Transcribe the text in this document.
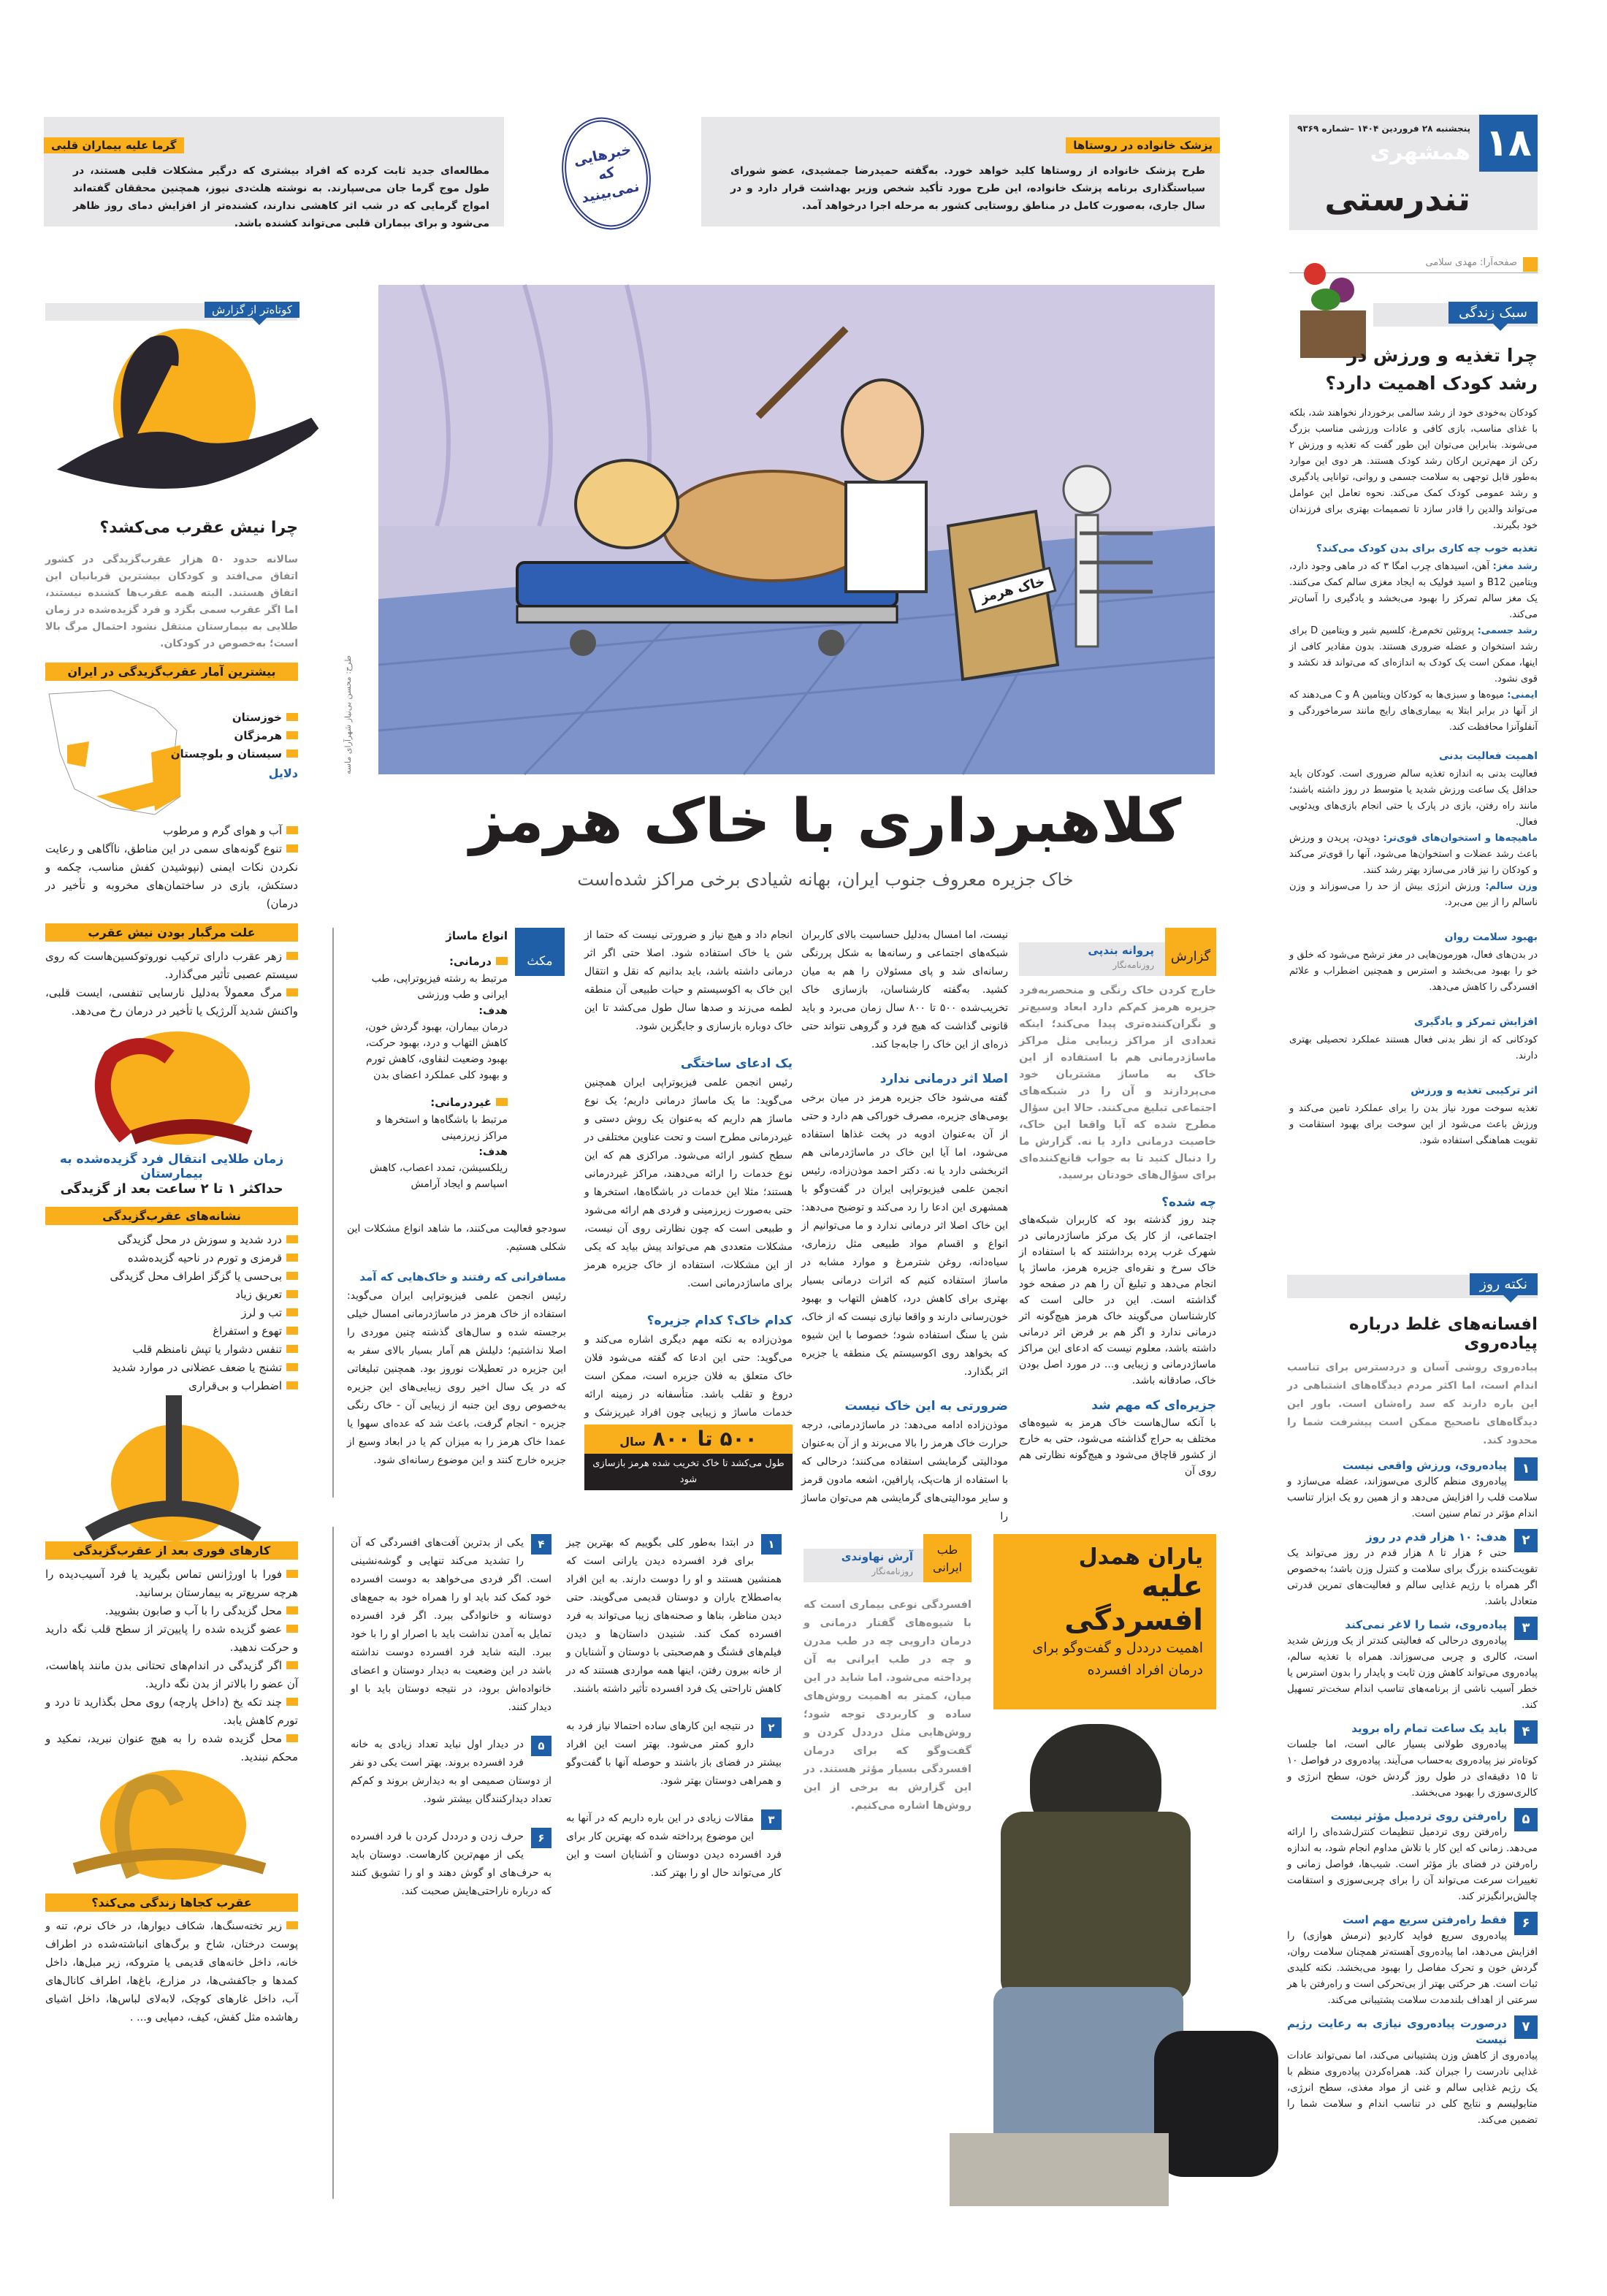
گرما علیه بیماران قلبی
مطالعه‌ای جدید ثابت کرده که افراد بیشتری که درگیر مشکلات قلبی هستند، در طول موج گرما جان می‌سپارند. به نوشته هلث‌دی نیوز، همچنین محققان گفته‌اند امواج گرمایی که در شب اثر کاهشی ندارند، کشنده‌تر از افزایش دمای روز ظاهر می‌شود و برای بیماران قلبی می‌تواند کشنده باشد.
خبرهایی که نمی‌بینید
پزشک خانواده در روستاها
طرح پزشک خانواده از روستاها کلید خواهد خورد. به‌گفته حمیدرضا جمشیدی، عضو شورای سیاستگذاری برنامه پزشک خانواده، این طرح مورد تأکید شخص وزیر بهداشت قرار دارد و در سال جاری، به‌صورت کامل در مناطق روستایی کشور به مرحله اجرا درخواهد آمد.
۱۸
پنجشنبه ۲۸ فروردین ۱۴۰۴ –شماره ۹۳۶۹
همشهری
تندرستی
صفحه‌آرا: مهدی سلامی
سبک زندگی
چرا تغذیه و ورزش در رشد کودک اهمیت دارد؟

کودکان به‌خودی خود از رشد سالمی برخوردار نخواهند شد، بلکه با غذای مناسب، بازی کافی و عادات ورزشی مناسب بزرگ می‌شوند. بنابراین می‌توان این طور گفت که تغذیه و ورزش ۲ رکن از مهم‌ترین ارکان رشد کودک هستند. هر دوی این موارد به‌طور قابل توجهی به سلامت جسمی و روانی، توانایی یادگیری و رشد عمومی کودک کمک می‌کند. نحوه تعامل این عوامل می‌تواند والدین را قادر سازد تا تصمیمات بهتری برای فرزندان خود بگیرند.

تغذیه خوب چه کاری برای بدن کودک می‌کند؟

رشد مغز: آهن، اسیدهای چرب امگا ۳ که در ماهی وجود دارد، ویتامین B12 و اسید فولیک به ایجاد مغزی سالم کمک می‌کنند. یک مغز سالم تمرکز را بهبود می‌بخشد و یادگیری را آسان‌تر می‌کند.

رشد جسمی: پروتئین تخم‌مرغ، کلسیم شیر و ویتامین D برای رشد استخوان و عضله ضروری هستند. بدون مقادیر کافی از اینها، ممکن است یک کودک به اندازه‌ای که می‌تواند قد نکشد و قوی نشود.

ایمنی: میوه‌ها و سبزی‌ها به کودکان ویتامین A و C می‌دهند که از آنها در برابر ابتلا به بیماری‌های رایج مانند سرماخوردگی و آنفلوآنزا محافظت کند.

اهمیت فعالیت بدنی

فعالیت بدنی به اندازه تغذیه سالم ضروری است. کودکان باید حداقل یک ساعت ورزش شدید یا متوسط در روز داشته باشند؛ مانند راه رفتن، بازی در پارک یا حتی انجام بازی‌های ویدئویی فعال.

ماهیچه‌ها و استخوان‌های قوی‌تر: دویدن، پریدن و ورزش باعث رشد عضلات و استخوان‌ها می‌شود، آنها را قوی‌تر می‌کند و کودکان را نیز قادر می‌سازد بهتر رشد کنند.

وزن سالم: ورزش انرژی بیش از حد را می‌سوزاند و وزن ناسالم را از بین می‌برد.

بهبود سلامت روان

در بدن‌های فعال، هورمون‌هایی در مغز ترشح می‌شود که خلق و خو را بهبود می‌بخشد و استرس و همچنین اضطراب و علائم افسردگی را کاهش می‌دهد.

افزایش تمرکز و یادگیری

کودکانی که از نظر بدنی فعال هستند عملکرد تحصیلی بهتری دارند.

اثر ترکیبی تغذیه و ورزش

تغذیه سوخت مورد نیاز بدن را برای عملکرد تامین می‌کند و ورزش باعث می‌شود از این سوخت برای بهبود استقامت و تقویت هماهنگی استفاده شود.

نکته روز
افسانه‌های غلط درباره پیاده‌روی

پیاده‌روی روشی آسان و دردسترس برای تناسب اندام است، اما اکثر مردم دیدگاه‌های اشتباهی در این باره دارند که سد راه‌شان است. باور این دیدگاه‌های ناصحیح ممکن است پیشرفت شما را محدود کند.

۱
پیاده‌روی، ورزش واقعی نیست
پیاده‌روی منظم کالری می‌سوزاند، عضله می‌سازد و سلامت قلب را افزایش می‌دهد و از همین رو یک ابزار تناسب اندام مؤثر در تمام سنین است.
۲
هدف: ۱۰ هزار قدم در روز
حتی ۶ هزار تا ۸ هزار قدم در روز می‌تواند یک تقویت‌کننده بزرگ برای سلامت و کنترل وزن باشد؛ به‌خصوص اگر همراه با رژیم غذایی سالم و فعالیت‌های تمرین قدرتی متعادل باشد.
۳
پیاده‌روی، شما را لاغر نمی‌کند
پیاده‌روی درحالی که فعالیتی کندتر از یک ورزش شدید است، کالری و چربی می‌سوزاند. همراه با تغذیه سالم، پیاده‌روی می‌تواند کاهش وزن ثابت و پایدار را بدون استرس یا خطر آسیب ناشی از برنامه‌های تناسب اندام سخت‌تر تسهیل کند.
۴
باید یک ساعت تمام راه بروید
پیاده‌روی طولانی بسیار عالی است، اما جلسات کوتاه‌تر نیز پیاده‌روی به‌حساب می‌آیند. پیاده‌روی در فواصل ۱۰ تا ۱۵ دقیقه‌ای در طول روز گردش خون، سطح انرژی و کالری‌سوزی را بهبود می‌بخشد.
۵
راه‌رفتن روی تردمیل مؤثر نیست
راه‌رفتن روی تردمیل تنظیمات کنترل‌شده‌ای را ارائه می‌دهد. زمانی که این کار با تلاش مداوم انجام شود، به اندازه راه‌رفتن در فضای باز مؤثر است. شیب‌ها، فواصل زمانی و تغییرات سرعت می‌تواند آن را برای چربی‌سوزی و استقامت چالش‌برانگیزتر کند.
۶
فقط راه‌رفتن سریع مهم است
پیاده‌روی سریع فواید کاردیو (نرمش هوازی) را افزایش می‌دهد، اما پیاده‌روی آهسته‌تر همچنان سلامت روان، گردش خون و تحرک مفاصل را بهبود می‌بخشد. نکته کلیدی ثبات است. هر حرکتی بهتر از بی‌تحرکی است و راه‌رفتن با هر سرعتی از اهداف بلندمدت سلامت پشتیبانی می‌کند.
۷
درصورت پیاده‌روی نیازی به رعایت رژیم نیست
پیاده‌روی از کاهش وزن پشتیبانی می‌کند، اما نمی‌تواند عادات غذایی نادرست را جبران کند. همراه‌کردن پیاده‌روی منظم با یک رژیم غذایی سالم و غنی از مواد مغذی، سطح انرژی، متابولیسم و نتایج کلی در تناسب اندام و سلامت شما را تضمین می‌کند.
خاک هرمز
طرح: محسن بی‌نیاز شهرآرای ماسه
کلاهبرداری با خاک هرمز
خاک جزیره معروف جنوب ایران، بهانه شیادی برخی مراکز شده‌است
گزارش
پروانه بندپی
روزنامه‌نگار

خارج کردن خاک رنگی و منحصربه‌فرد جزیره هرمز کم‌کم دارد ابعاد وسیع‌تر و نگران‌کننده‌تری پیدا می‌کند؛ اینکه تعدادی از مراکز زیبایی مثل مراکز ماساژدرمانی هم با استفاده از این خاک به ماساژ مشتریان خود می‌پردازند و آن را در شبکه‌های اجتماعی تبلیغ می‌کنند. حالا این سؤال مطرح شده که آیا واقعا این خاک، خاصیت درمانی دارد یا نه. گزارش ما را دنبال کنید تا به جواب قانع‌کننده‌ای برای سؤال‌های خودتان برسید.

چه شده؟

چند روز گذشته بود که کاربران شبکه‌های اجتماعی، از کار یک مرکز ماساژدرمانی در شهرک غرب پرده برداشتند که با استفاده از خاک سرخ و نقره‌ای جزیره هرمز، ماساژ پا انجام می‌دهد و تبلیغ آن را هم در صفحه خود گذاشته است. این در حالی است که کارشناسان می‌گویند خاک هرمز هیچ‌گونه اثر درمانی ندارد و اگر هم بر فرض اثر درمانی داشته باشد، معلوم نیست که ادعای این مراکز ماساژدرمانی و زیبایی و... در مورد اصل بودن خاک، صادقانه باشد.

جزیره‌ای که مهم شد

با آنکه سال‌هاست خاک هرمز به شیوه‌های مختلف به حراج گذاشته می‌شود، حتی به خارج از کشور قاچاق می‌شود و هیچ‌گونه نظارتی هم روی آن

نیست، اما امسال به‌دلیل حساسیت بالای کاربران شبکه‌های اجتماعی و رسانه‌ها به شکل پررنگی رسانه‌ای شد و پای مسئولان را هم به میان کشید. به‌گفته کارشناسان، بازسازی خاک تخریب‌شده ۵۰۰ تا ۸۰۰ سال زمان می‌برد و باید قانونی گذاشت که هیچ فرد و گروهی نتواند حتی ذره‌ای از این خاک را جابه‌جا کند.

اصلا اثر درمانی ندارد

گفته می‌شود خاک جزیره هرمز در میان برخی بومی‌های جزیره، مصرف خوراکی هم دارد و حتی از آن به‌عنوان ادویه در پخت غذاها استفاده می‌شود، اما آیا این خاک در ماساژدرمانی هم اثربخشی دارد یا نه. دکتر احمد موذن‌زاده، رئیس انجمن علمی فیزیوتراپی ایران در گفت‌وگو با همشهری این ادعا را رد می‌کند و توضیح می‌دهد: این خاک اصلا اثر درمانی ندارد و ما می‌توانیم از انواع و اقسام مواد طبیعی مثل رزماری، سیاه‌دانه، روغن شترمرغ و موارد مشابه در ماساژ استفاده کنیم که اثرات درمانی بسیار بهتری برای کاهش درد، کاهش التهاب و بهبود خون‌رسانی دارند و واقعا نیازی نیست که از خاک، شن یا سنگ استفاده شود؛ خصوصا با این شیوه که بخواهد روی اکوسیستم یک منطقه یا جزیره اثر بگذارد.

ضرورتی به این خاک نیست

موذن‌زاده ادامه می‌دهد: در ماساژدرمانی، درجه حرارت خاک هرمز را بالا می‌برند و از آن به‌عنوان مودالیتی گرمایشی استفاده می‌کنند؛ درحالی که با استفاده از هات‌پک، پارافین، اشعه مادون قرمز و سایر مودالیتی‌های گرمایشی هم می‌توان ماساژ را

انجام داد و هیچ نیاز و ضرورتی نیست که حتما از شن یا خاک استفاده شود. اصلا حتی اگر اثر درمانی داشته باشد، باید بدانیم که نقل و انتقال این خاک به اکوسیستم و حیات طبیعی آن منطقه لطمه می‌زند و صدها سال طول می‌کشد تا این خاک دوباره بازسازی و جایگزین شود.

یک ادعای ساختگی

رئیس انجمن علمی فیزیوتراپی ایران همچنین می‌گوید: ما یک ماساژ درمانی داریم؛ یک نوع ماساژ هم داریم که به‌عنوان یک روش دستی و غیردرمانی مطرح است و تحت عناوین مختلفی در سطح کشور ارائه می‌شود. مراکزی هم که این نوع خدمات را ارائه می‌دهند، مراکز غیردرمانی هستند؛ مثلا این خدمات در باشگاه‌ها، استخرها و حتی به‌صورت زیرزمینی و فردی هم ارائه می‌شود و طبیعی است که چون نظارتی روی آن نیست، مشکلات متعددی هم می‌تواند پیش بیاید که یکی از این مشکلات، استفاده از خاک جزیره هرمز برای ماساژدرمانی است.

کدام خاک؟ کدام جزیره؟

موذن‌زاده به نکته مهم دیگری اشاره می‌کند و می‌گوید: حتی این ادعا که گفته می‌شود فلان خاک متعلق به فلان جزیره است، ممکن است دروغ و تقلب باشد. متأسفانه در زمینه ارائه خدمات ماساژ و زیبایی چون افراد غیرپزشک و

۵۰۰ تا ۸۰۰ سال
طول می‌کشد تا خاک تخریب شده هرمز بازسازی شود
مکث

انواع ماساژ

درمانی:

مرتبط به رشته فیزیوتراپی، طب ایرانی و طب ورزشی

هدف:

درمان بیماران، بهبود گردش خون، کاهش التهاب و درد، بهبود حرکت، بهبود وضعیت لنفاوی، کاهش تورم و بهبود کلی عملکرد اعضای بدن

غیردرمانی:

مرتبط با باشگاه‌ها و استخرها و مراکز زیرزمینی

هدف:

ریلکسیشن، تمدد اعصاب، کاهش اسپاسم و ایجاد آرامش

سودجو فعالیت می‌کنند، ما شاهد انواع مشکلات این شکلی هستیم.

مسافرانی که رفتند و خاک‌هایی که آمد

رئیس انجمن علمی فیزیوتراپی ایران می‌گوید: استفاده از خاک هرمز در ماساژدرمانی امسال خیلی برجسته شده و سال‌های گذشته چنین موردی را اصلا نداشتیم؛ دلیلش هم آمار بسیار بالای سفر به این جزیره در تعطیلات نوروز بود. همچنین تبلیغاتی که در یک سال اخیر روی زیبایی‌های این جزیره به‌خصوص روی این جنبه از زیبایی آن - خاک رنگی جزیره - انجام گرفت، باعث شد که عده‌ای سهوا یا عمدا خاک هرمز را به میزان کم یا در ابعاد وسیع از جزیره خارج کنند و این موضوع رسانه‌ای شود.

کوتاه‌تر از گزارش
چرا نیش عقرب می‌کشد؟

سالانه حدود ۵۰ هزار عقرب‌گزیدگی در کشور اتفاق می‌افتد و کودکان بیشترین قربانیان این اتفاق هستند. البته همه عقرب‌ها کشنده نیستند، اما اگر عقرب سمی بگزد و فرد گزیده‌شده در زمان طلایی به بیمارستان منتقل نشود احتمال مرگ بالا است؛ به‌خصوص در کودکان.

بیشترین آمار عقرب‌گزیدگی در ایران

خوزستان

هرمزگان

سیستان و بلوچستان

دلایل

آب و هوای گرم و مرطوب

تنوع گونه‌های سمی در این مناطق، ناآگاهی و رعایت نکردن نکات ایمنی (نپوشیدن کفش مناسب، چکمه و دستکش، بازی در ساختمان‌های مخروبه و تأخیر در درمان)

علت مرگبار بودن نیش عقرب

زهر عقرب دارای ترکیب نوروتوکسین‌هاست که روی سیستم عصبی تأثیر می‌گذارد.

مرگ معمولاً به‌دلیل نارسایی تنفسی، ایست قلبی، واکنش شدید آلرژیک یا تأخیر در درمان رخ می‌دهد.

زمان طلایی انتقال فرد گزیده‌شده به بیمارستان

حداکثر ۱ تا ۲ ساعت بعد از گزیدگی

نشانه‌های عقرب‌گزیدگی

درد شدید و سوزش در محل گزیدگی

قرمزی و تورم در ناحیه گزیده‌شده

بی‌حسی یا گزگز اطراف محل گزیدگی

تعریق زیاد

تب و لرز

تهوع و استفراغ

تنفس دشوار یا تپش نامنظم قلب

تشنج یا ضعف عضلانی در موارد شدید

اضطراب و بی‌قراری

کارهای فوری بعد از عقرب‌گزیدگی

فورا با اورژانس تماس بگیرید یا فرد آسیب‌دیده را هرچه سریع‌تر به بیمارستان برسانید.

محل گزیدگی را با آب و صابون بشویید.

عضو گزیده شده را پایین‌تر از سطح قلب نگه دارید و حرکت ندهید.

اگر گزیدگی در اندام‌های تحتانی بدن مانند پاهاست، آن عضو را بالاتر از بدن نگه دارید.

چند تکه یخ (داخل پارچه) روی محل بگذارید تا درد و تورم کاهش یابد.

محل گزیده شده را به هیچ عنوان نبرید، نمکید و محکم نبندید.

عقرب کجاها زندگی می‌کند؟

زیر تخته‌سنگ‌ها، شکاف دیوارها، در خاک نرم، تنه و پوست درختان، شاخ و برگ‌های انباشته‌شده در اطراف خانه، داخل خانه‌های قدیمی یا متروکه، زیر مبل‌ها، داخل کمدها و جاکفشی‌ها، در مزارع، باغ‌ها، اطراف کانال‌های آب، داخل غارهای کوچک، لابه‌لای لباس‌ها، داخل اشیای رهاشده مثل کفش، کیف، دمپایی و... .

یاران همدل

علیه افسردگی

اهمیت درددل و گفت‌وگو برای درمان افراد افسرده

طب ایرانی
آرش نهاوندی
روزنامه‌نگار

افسردگی نوعی بیماری است که با شیوه‌های گفتار درمانی و درمان دارویی چه در طب مدرن و چه در طب ایرانی به آن پرداخته می‌شود. اما شاید در این میان، کمتر به اهمیت روش‌های ساده و کاربردی توجه شود؛ روش‌هایی مثل درددل کردن و گفت‌وگو که برای درمان افسردگی بسیار مؤثر هستند. در این گزارش به برخی از این روش‌ها اشاره می‌کنیم.

۱
در ابتدا به‌طور کلی بگوییم که بهترین چیز برای فرد افسرده دیدن یارانی است که همنشین هستند و او را دوست دارند. به این افراد به‌اصطلاح یاران و دوستان قدیمی می‌گویند. حتی دیدن مناظر، بناها و صحنه‌های زیبا می‌تواند به فرد افسرده کمک کند. شنیدن داستان‌ها و دیدن فیلم‌های قشنگ و هم‌صحبتی با دوستان و آشنایان و از خانه بیرون رفتن، اینها همه مواردی هستند که در کاهش ناراحتی یک فرد افسرده تأثیر داشته باشند.
۲
در نتیجه این کارهای ساده احتمالا نیاز فرد به دارو کمتر می‌شود. بهتر است این افراد بیشتر در فضای باز باشند و حوصله آنها با گفت‌وگو و همراهی دوستان بهتر شود.
۳
مقالات زیادی در این باره داریم که در آنها به این موضوع پرداخته شده که بهترین کار برای فرد افسرده دیدن دوستان و آشنایان است و این کار می‌تواند حال او را بهتر کند.
۴
یکی از بدترین آفت‌های افسردگی که آن را تشدید می‌کند تنهایی و گوشه‌نشینی است. اگر فردی می‌خواهد به دوست افسرده خود کمک کند باید او را همراه خود به جمع‌های دوستانه و خانوادگی ببرد. اگر فرد افسرده تمایل به آمدن نداشت باید با اصرار او را با خود ببرد. البته شاید فرد افسرده دوست نداشته باشد در این وضعیت به دیدار دوستان و اعضای خانواده‌اش برود، در نتیجه دوستان باید با او دیدار کنند.
۵
در دیدار اول نباید تعداد زیادی به خانه فرد افسرده بروند. بهتر است یکی دو نفر از دوستان صمیمی او به دیدارش بروند و کم‌کم تعداد دیدارکنندگان بیشتر شود.
۶
حرف زدن و درددل کردن با فرد افسرده یکی از مهم‌ترین کارهاست. دوستان باید به حرف‌های او گوش دهند و او را تشویق کنند که درباره ناراحتی‌هایش صحبت کند.
